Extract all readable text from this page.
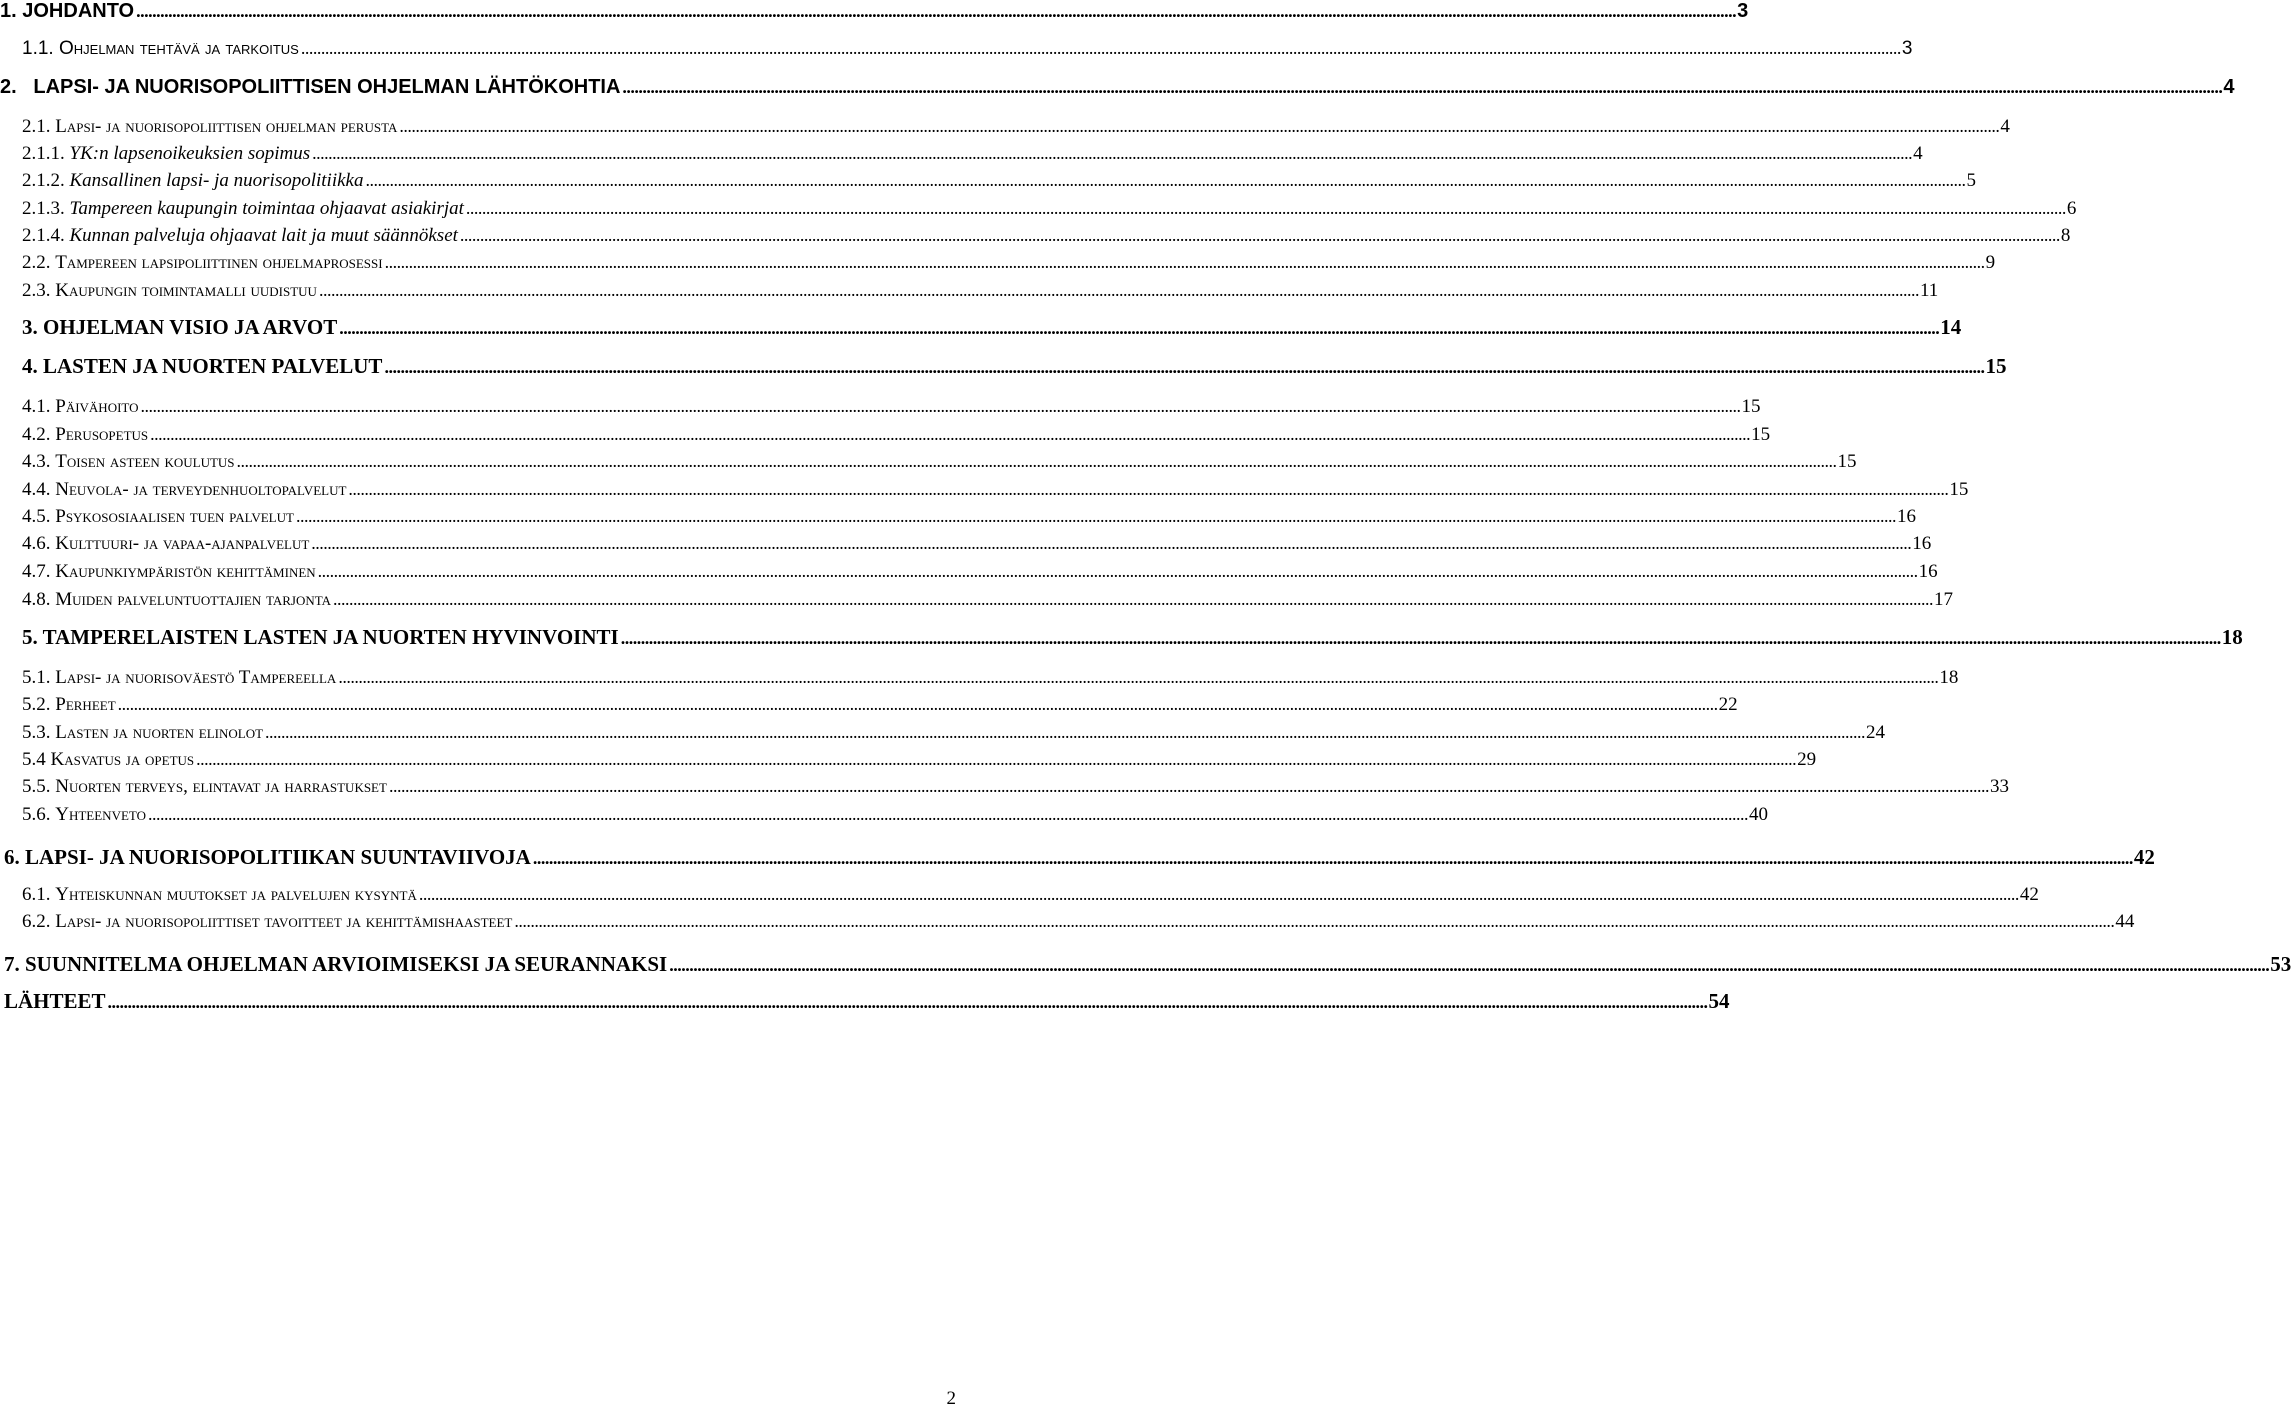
1. JOHDANTO ................................................................................................................................................................................................................................................................................................................................................................................................................ 3
1.1. Ohjelman tehtävä ja tarkoitus ................................................................................................................................................................................................................................................................................................................................................................................................................ 3
2. LAPSI- JA NUORISOPOLIITTISEN OHJELMAN LÄHTÖKOHTIA ................................................................................................................................................................................................................................................................................................................................................................................................................ 4
2.1. Lapsi- ja nuorisopoliittisen ohjelman perusta ................................................................................................................................................................................................................................................................................................................................................................................................................ 4
2.1.1. YK:n lapsenoikeuksien sopimus ................................................................................................................................................................................................................................................................................................................................................................................................................ 4
2.1.2. Kansallinen lapsi- ja nuorisopolitiikka ................................................................................................................................................................................................................................................................................................................................................................................................................ 5
2.1.3. Tampereen kaupungin toimintaa ohjaavat asiakirjat ................................................................................................................................................................................................................................................................................................................................................................................................................ 6
2.1.4. Kunnan palveluja ohjaavat lait ja muut säännökset ................................................................................................................................................................................................................................................................................................................................................................................................................ 8
2.2. Tampereen lapsipoliittinen ohjelmaprosessi ................................................................................................................................................................................................................................................................................................................................................................................................................ 9
2.3. Kaupungin toimintamalli uudistuu ................................................................................................................................................................................................................................................................................................................................................................................................................ 11
3. OHJELMAN VISIO JA ARVOT ................................................................................................................................................................................................................................................................................................................................................................................................................ 14
4. LASTEN JA NUORTEN PALVELUT ................................................................................................................................................................................................................................................................................................................................................................................................................ 15
4.1. Päivähoito ................................................................................................................................................................................................................................................................................................................................................................................................................ 15
4.2. Perusopetus ................................................................................................................................................................................................................................................................................................................................................................................................................ 15
4.3. Toisen asteen koulutus ................................................................................................................................................................................................................................................................................................................................................................................................................ 15
4.4. Neuvola- ja terveydenhuoltopalvelut ................................................................................................................................................................................................................................................................................................................................................................................................................ 15
4.5. Psykososiaalisen tuen palvelut ................................................................................................................................................................................................................................................................................................................................................................................................................ 16
4.6. Kulttuuri- ja vapaa-ajanpalvelut ................................................................................................................................................................................................................................................................................................................................................................................................................ 16
4.7. Kaupunkiympäristön kehittäminen ................................................................................................................................................................................................................................................................................................................................................................................................................ 16
4.8. Muiden palveluntuottajien tarjonta ................................................................................................................................................................................................................................................................................................................................................................................................................ 17
5. TAMPERELAISTEN LASTEN JA NUORTEN HYVINVOINTI ................................................................................................................................................................................................................................................................................................................................................................................................................ 18
5.1. Lapsi- ja nuorisoväestö Tampereella ................................................................................................................................................................................................................................................................................................................................................................................................................ 18
5.2. Perheet ................................................................................................................................................................................................................................................................................................................................................................................................................ 22
5.3. Lasten ja nuorten elinolot ................................................................................................................................................................................................................................................................................................................................................................................................................ 24
5.4 Kasvatus ja opetus ................................................................................................................................................................................................................................................................................................................................................................................................................ 29
5.5. Nuorten terveys, elintavat ja harrastukset ................................................................................................................................................................................................................................................................................................................................................................................................................ 33
5.6. Yhteenveto ................................................................................................................................................................................................................................................................................................................................................................................................................ 40
6. LAPSI- JA NUORISOPOLITIIKAN SUUNTAVIIVOJA ................................................................................................................................................................................................................................................................................................................................................................................................................ 42
6.1. Yhteiskunnan muutokset ja palvelujen kysyntä ................................................................................................................................................................................................................................................................................................................................................................................................................ 42
6.2. Lapsi- ja nuorisopoliittiset tavoitteet ja kehittämishaasteet ................................................................................................................................................................................................................................................................................................................................................................................................................ 44
7. SUUNNITELMA OHJELMAN ARVIOIMISEKSI JA SEURANNAKSI ................................................................................................................................................................................................................................................................................................................................................................................................................ 53
LÄHTEET ................................................................................................................................................................................................................................................................................................................................................................................................................ 54
2
